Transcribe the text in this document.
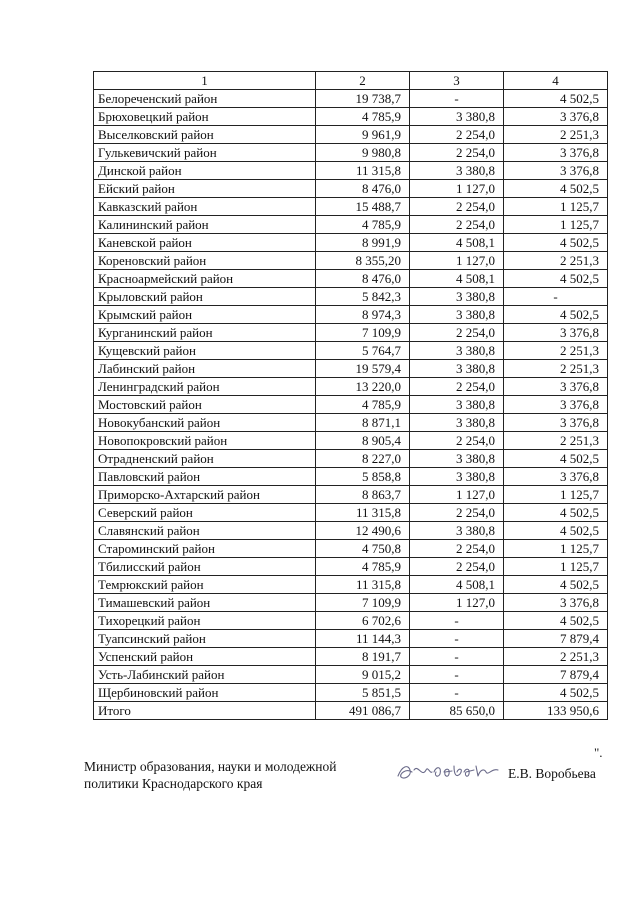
1	2	3	4
Белореченский район	19 738,7	-	4 502,5
Брюховецкий район	4 785,9	3 380,8	3 376,8
Выселковский район	9 961,9	2 254,0	2 251,3
Гулькевичский район	9 980,8	2 254,0	3 376,8
Динской район	11 315,8	3 380,8	3 376,8
Ейский район	8 476,0	1 127,0	4 502,5
Кавказский район	15 488,7	2 254,0	1 125,7
Калининский район	4 785,9	2 254,0	1 125,7
Каневской район	8 991,9	4 508,1	4 502,5
Кореновский район	8 355,20	1 127,0	2 251,3
Красноармейский район	8 476,0	4 508,1	4 502,5
Крыловский район	5 842,3	3 380,8	-
Крымский район	8 974,3	3 380,8	4 502,5
Курганинский район	7 109,9	2 254,0	3 376,8
Кущевский район	5 764,7	3 380,8	2 251,3
Лабинский район	19 579,4	3 380,8	2 251,3
Ленинградский район	13 220,0	2 254,0	3 376,8
Мостовский район	4 785,9	3 380,8	3 376,8
Новокубанский район	8 871,1	3 380,8	3 376,8
Новопокровский район	8 905,4	2 254,0	2 251,3
Отрадненский район	8 227,0	3 380,8	4 502,5
Павловский район	5 858,8	3 380,8	3 376,8
Приморско-Ахтарский район	8 863,7	1 127,0	1 125,7
Северский район	11 315,8	2 254,0	4 502,5
Славянский район	12 490,6	3 380,8	4 502,5
Староминский район	4 750,8	2 254,0	1 125,7
Тбилисский район	4 785,9	2 254,0	1 125,7
Темрюкский район	11 315,8	4 508,1	4 502,5
Тимашевский район	7 109,9	1 127,0	3 376,8
Тихорецкий район	6 702,6	-	4 502,5
Туапсинский район	11 144,3	-	7 879,4
Успенский район	8 191,7	-	2 251,3
Усть-Лабинский район	9 015,2	-	7 879,4
Щербиновский район	5 851,5	-	4 502,5
Итого	491 086,7	85 650,0	133 950,6
".
Министр образования, науки и молодежной
политики Краснодарского края
Е.В. Воробьева
